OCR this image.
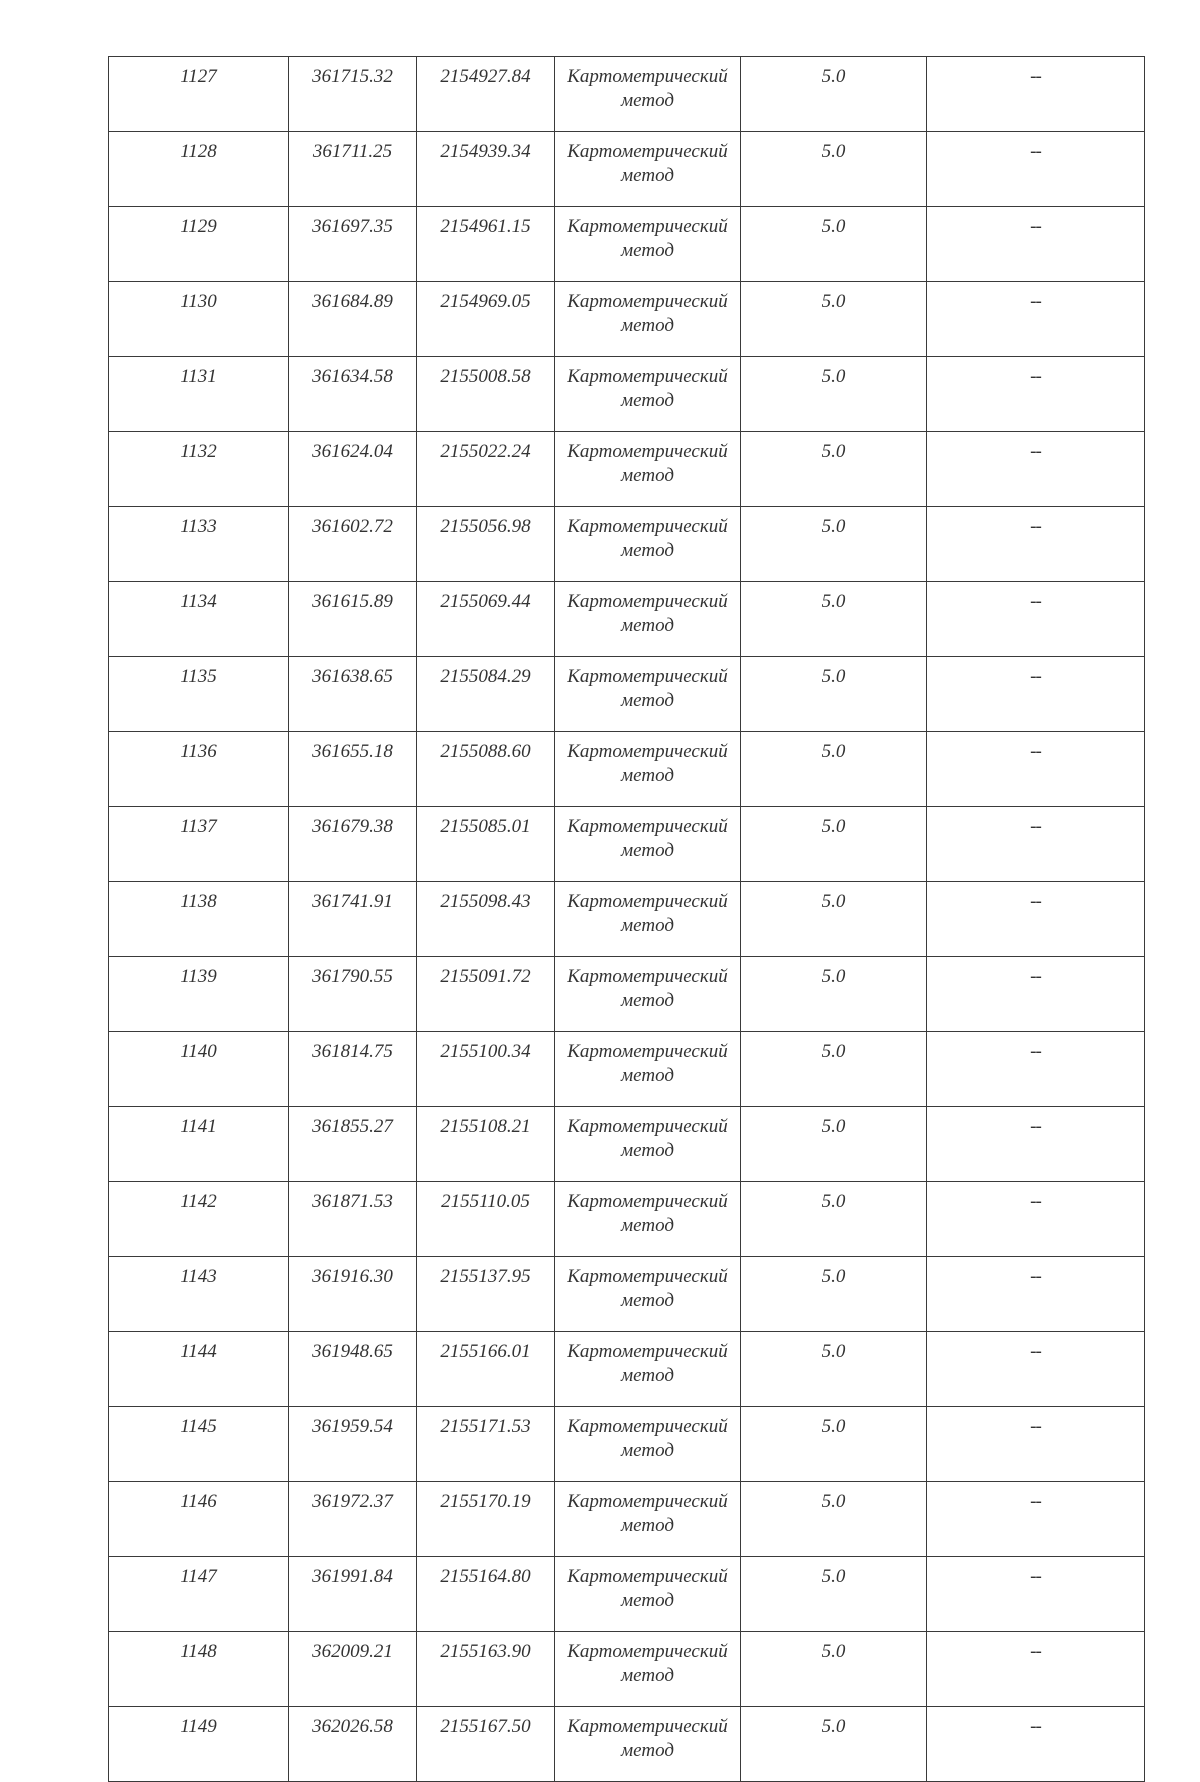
1127	361715.32	2154927.84	Картометрический метод	5.0	--
1128	361711.25	2154939.34	Картометрический метод	5.0	--
1129	361697.35	2154961.15	Картометрический метод	5.0	--
1130	361684.89	2154969.05	Картометрический метод	5.0	--
1131	361634.58	2155008.58	Картометрический метод	5.0	--
1132	361624.04	2155022.24	Картометрический метод	5.0	--
1133	361602.72	2155056.98	Картометрический метод	5.0	--
1134	361615.89	2155069.44	Картометрический метод	5.0	--
1135	361638.65	2155084.29	Картометрический метод	5.0	--
1136	361655.18	2155088.60	Картометрический метод	5.0	--
1137	361679.38	2155085.01	Картометрический метод	5.0	--
1138	361741.91	2155098.43	Картометрический метод	5.0	--
1139	361790.55	2155091.72	Картометрический метод	5.0	--
1140	361814.75	2155100.34	Картометрический метод	5.0	--
1141	361855.27	2155108.21	Картометрический метод	5.0	--
1142	361871.53	2155110.05	Картометрический метод	5.0	--
1143	361916.30	2155137.95	Картометрический метод	5.0	--
1144	361948.65	2155166.01	Картометрический метод	5.0	--
1145	361959.54	2155171.53	Картометрический метод	5.0	--
1146	361972.37	2155170.19	Картометрический метод	5.0	--
1147	361991.84	2155164.80	Картометрический метод	5.0	--
1148	362009.21	2155163.90	Картометрический метод	5.0	--
1149	362026.58	2155167.50	Картометрический метод	5.0	--
